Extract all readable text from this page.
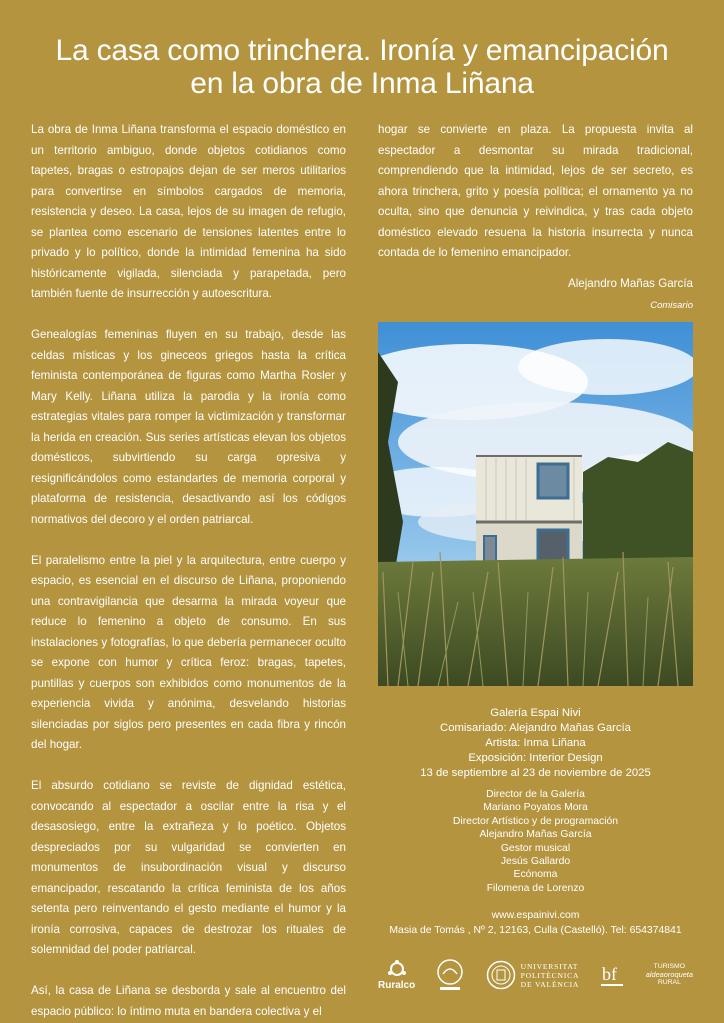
La casa como trinchera. Ironía y emancipación
en la obra de Inma Liñana

La obra de Inma Liñana transforma el espacio doméstico en un territorio ambiguo, donde objetos cotidianos como tapetes, bragas o estropajos dejan de ser meros utilitarios para convertirse en símbolos cargados de memoria, resistencia y deseo. La casa, lejos de su imagen de refugio, se plantea como escenario de tensiones latentes entre lo privado y lo político, donde la intimidad femenina ha sido históricamente vigilada, silenciada y parapetada, pero también fuente de insurrección y autoescritura.

Genealogías femeninas fluyen en su trabajo, desde las celdas místicas y los gineceos griegos hasta la crítica feminista contemporánea de figuras como Martha Rosler y Mary Kelly. Liñana utiliza la parodia y la ironía como estrategias vitales para romper la victimización y transformar la herida en creación. Sus series artísticas elevan los objetos domésticos, subvirtiendo su carga opresiva y resignificándolos como estandartes de memoria corporal y plataforma de resistencia, desactivando así los códigos normativos del decoro y el orden patriarcal.

El paralelismo entre la piel y la arquitectura, entre cuerpo y espacio, es esencial en el discurso de Liñana, proponiendo una contravigilancia que desarma la mirada voyeur que reduce lo femenino a objeto de consumo. En sus instalaciones y fotografías, lo que debería permanecer oculto se expone con humor y crítica feroz: bragas, tapetes, puntillas y cuerpos son exhibidos como monumentos de la experiencia vivida y anónima, desvelando historias silenciadas por siglos pero presentes en cada fibra y rincón del hogar.

El absurdo cotidiano se reviste de dignidad estética, convocando al espectador a oscilar entre la risa y el desasosiego, entre la extrañeza y lo poético. Objetos despreciados por su vulgaridad se convierten en monumentos de insubordinación visual y discurso emancipador, rescatando la crítica feminista de los años setenta pero reinventando el gesto mediante el humor y la ironía corrosiva, capaces de destrozar los rituales de solemnidad del poder patriarcal.

Así, la casa de Liñana se desborda y sale al encuentro del espacio público: lo íntimo muta en bandera colectiva y el

hogar se convierte en plaza. La propuesta invita al espectador a desmontar su mirada tradicional, comprendiendo que la intimidad, lejos de ser secreto, es ahora trinchera, grito y poesía política; el ornamento ya no oculta, sino que denuncia y reivindica, y tras cada objeto doméstico elevado resuena la historia insurrecta y nunca contada de lo femenino emancipador.
Alejandro Mañas García
Comisario
Galería Espai Nivi
Comisariado: Alejandro Mañas García
Artista: Inma Liñana
Exposición: Interior Design
13 de septiembre al 23 de noviembre de 2025
Director de la Galería
Mariano Poyatos Mora
Director Artístico y de programación
Alejandro Mañas García
Gestor musical
Jesús Gallardo
Ecónoma
Filomena de Lorenzo
www.espainivi.com
Masia de Tomás , Nº 2, 12163, Culla (Castelló). Tel: 654374841
Ruralco
UNIVERSITAT
POLITÈCNICA
DE VALÈNCIA bf	TURISMO
aldeaoroqueta
RURAL
